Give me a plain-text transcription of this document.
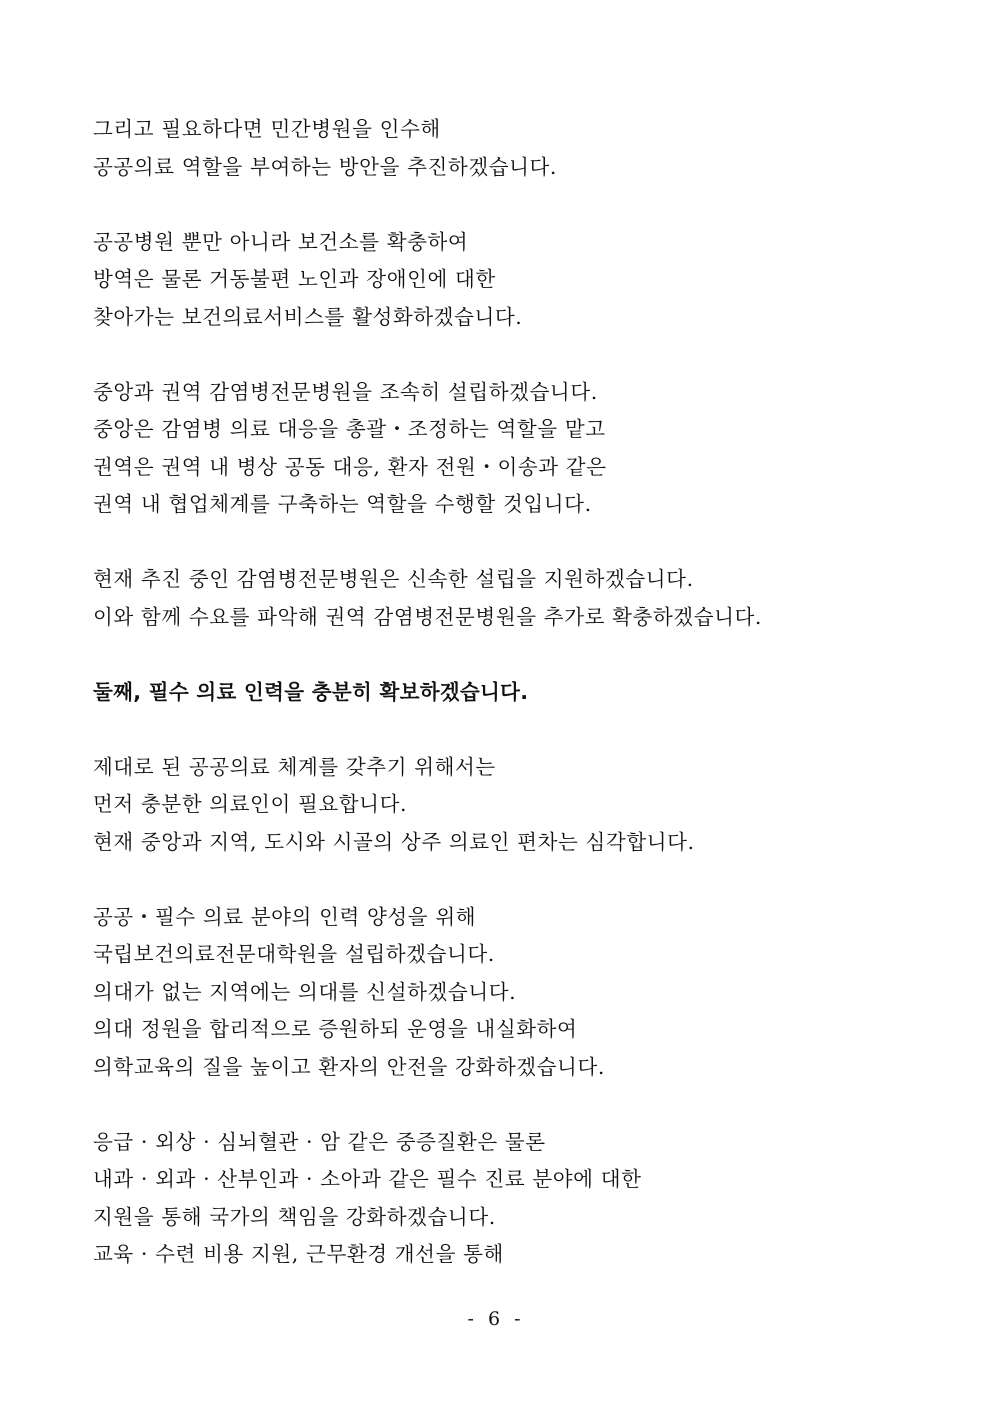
그리고 필요하다면 민간병원을 인수해
공공의료 역할을 부여하는 방안을 추진하겠습니다.
공공병원 뿐만 아니라 보건소를 확충하여
방역은 물론 거동불편 노인과 장애인에 대한
찾아가는 보건의료서비스를 활성화하겠습니다.
중앙과 권역 감염병전문병원을 조속히 설립하겠습니다.
중앙은 감염병 의료 대응을 총괄・조정하는 역할을 맡고
권역은 권역 내 병상 공동 대응, 환자 전원・이송과 같은
권역 내 협업체계를 구축하는 역할을 수행할 것입니다.
현재 추진 중인 감염병전문병원은 신속한 설립을 지원하겠습니다.
이와 함께 수요를 파악해 권역 감염병전문병원을 추가로 확충하겠습니다.
둘째, 필수 의료 인력을 충분히 확보하겠습니다.
제대로 된 공공의료 체계를 갖추기 위해서는
먼저 충분한 의료인이 필요합니다.
현재 중앙과 지역, 도시와 시골의 상주 의료인 편차는 심각합니다.
공공・필수 의료 분야의 인력 양성을 위해
국립보건의료전문대학원을 설립하겠습니다.
의대가 없는 지역에는 의대를 신설하겠습니다.
의대 정원을 합리적으로 증원하되 운영을 내실화하여
의학교육의 질을 높이고 환자의 안전을 강화하겠습니다.
응급 · 외상 · 심뇌혈관 · 암 같은 중증질환은 물론
내과 · 외과 · 산부인과 · 소아과 같은 필수 진료 분야에 대한
지원을 통해 국가의 책임을 강화하겠습니다.
교육 · 수련 비용 지원, 근무환경 개선을 통해
- 6 -
